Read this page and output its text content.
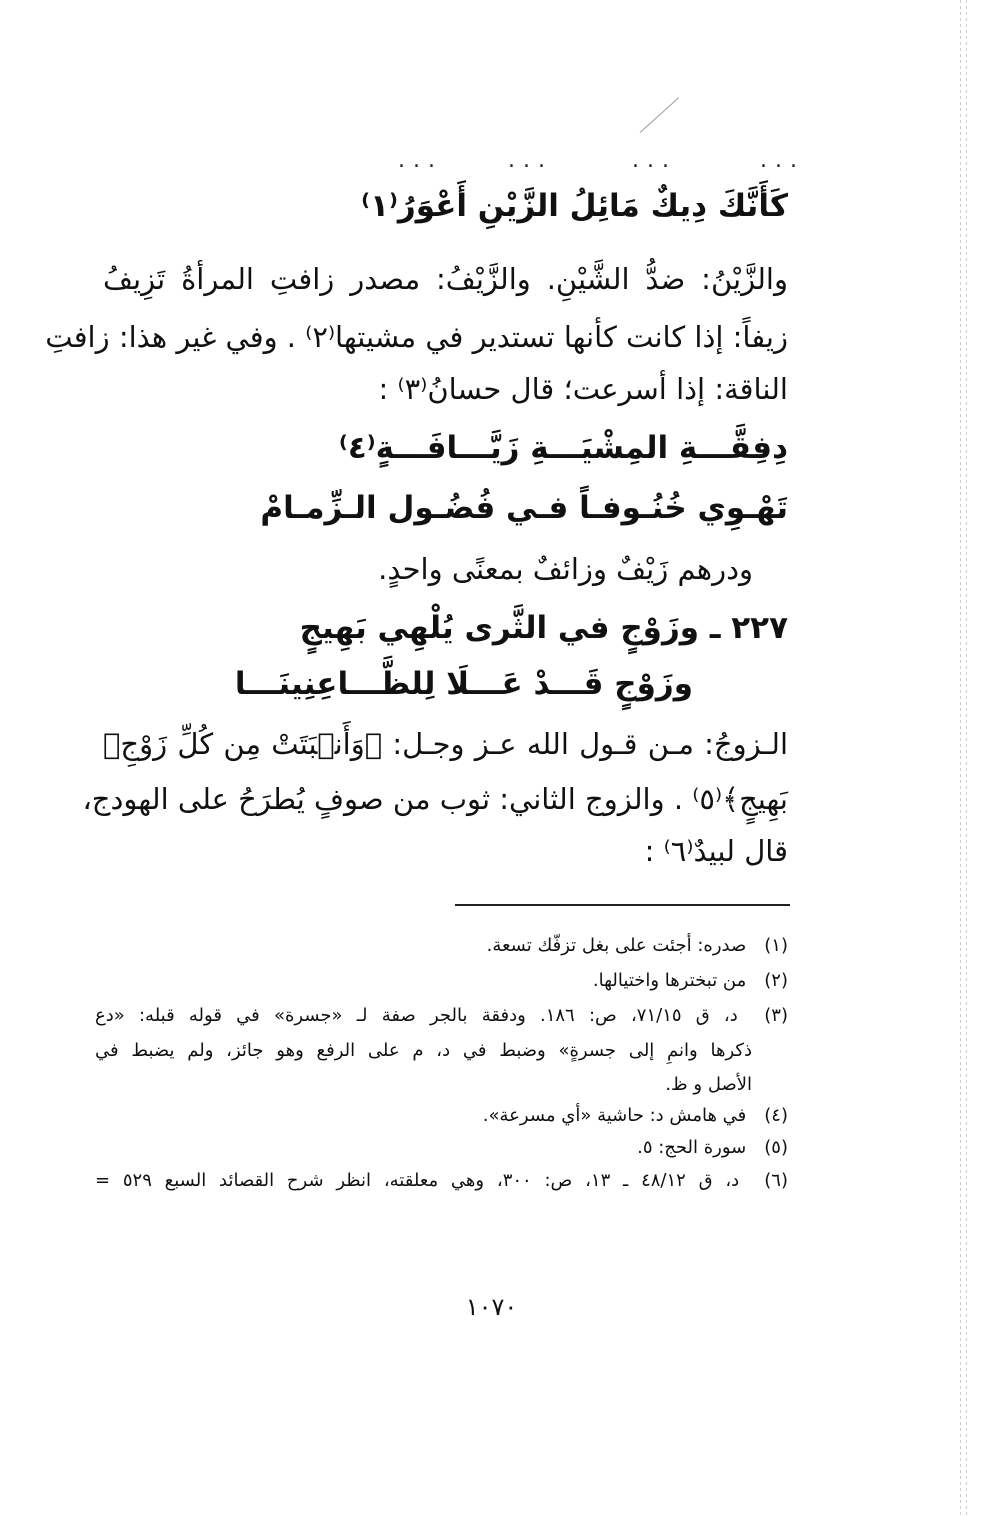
...	...	...	...
كَأَنَّكَ دِيكٌ مَائِلُ الزَّيْنِ أَعْوَرُ⁽١⁾
والزَّيْنُ: ضدُّ الشَّيْنِ. والزَّيْفُ: مصدر زافتِ المرأةُ تَزِيفُ
زيفاً: إذا كانت كأنها تستدير في مشيتها⁽٢⁾ . وفي غير هذا: زافتِ
الناقة: إذا أسرعت؛ قال حسانُ⁽٣⁾ :
دِفِقَّـــةِ المِشْيَـــةِ زَيَّـــافَـــةٍ⁽٤⁾
تَهْـوِي خُنُـوفـاً فـي فُضُـول الـزِّمـامْ
ودرهم زَيْفٌ وزائفٌ بمعنًى واحدٍ.
٢٢٧ ـ وزَوْجٍ في الثَّرى يُلْهِي بَهِيجٍ
وزَوْجٍ قَـــدْ عَـــلَا لِلظَّـــاعِنِينَـــا
الـزوجُ: مـن قـول الله عـز وجـل: ﴿وَأَنۢبَتَتْ مِن كُلِّ زَوْجِۭ
بَهِيجٍ﴾⁽٥⁾ . والزوج الثاني: ثوب من صوفٍ يُطرَحُ على الهودج،
قال لبيدٌ⁽٦⁾ :
(١) صدره: أجئت على بغل تزفّك تسعة.
(٢) من تبخترها واختيالها.
(٣) د، ق ٧١/١٥، ص: ١٨٦. ودفقة بالجر صفة لـ «جسرة» في قوله قبله: «دع
ذكرها وانمِ إلى جسرةٍ» وضبط في د، م على الرفع وهو جائز، ولم يضبط في
الأصل و ظ.
(٤) في هامش د: حاشية «أي مسرعة».
(٥) سورة الحج: ٥.
(٦) د، ق ٤٨/١٢ ـ ١٣، ص: ٣٠٠، وهي معلقته، انظر شرح القصائد السبع ٥٢٩ =
١٠٧٠
